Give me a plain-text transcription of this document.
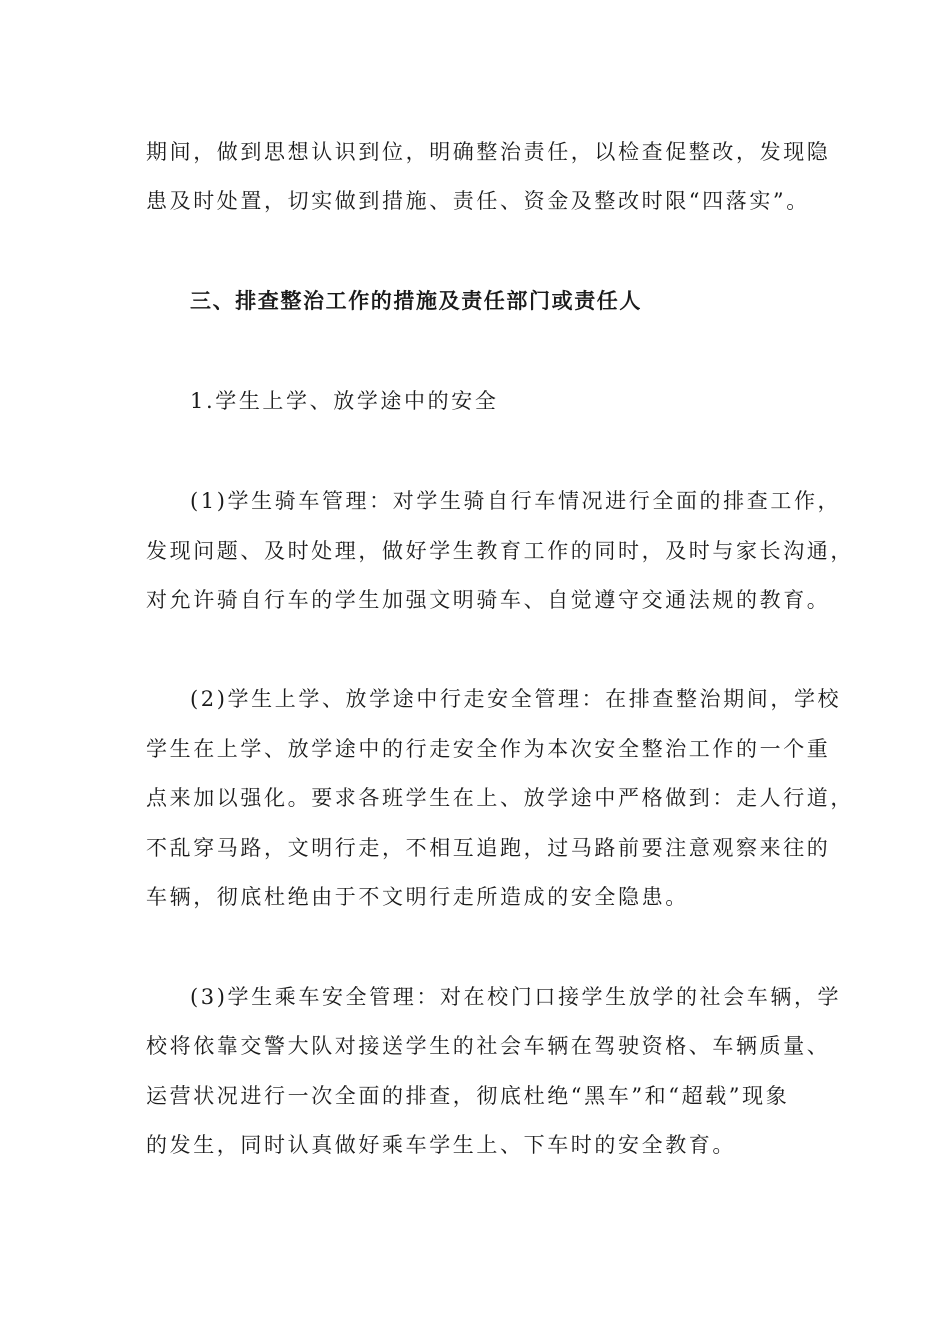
期间，做到思想认识到位，明确整治责任，以检查促整改，发现隐
患及时处置，切实做到措施、责任、资金及整改时限“四落实”。
三、排查整治工作的措施及责任部门或责任人
1.学生上学、放学途中的安全
(1)学生骑车管理：对学生骑自行车情况进行全面的排查工作，
发现问题、及时处理，做好学生教育工作的同时，及时与家长沟通，
对允许骑自行车的学生加强文明骑车、自觉遵守交通法规的教育。
(2)学生上学、放学途中行走安全管理：在排查整治期间，学校
学生在上学、放学途中的行走安全作为本次安全整治工作的一个重
点来加以强化。要求各班学生在上、放学途中严格做到：走人行道，
不乱穿马路，文明行走，不相互追跑，过马路前要注意观察来往的
车辆，彻底杜绝由于不文明行走所造成的安全隐患。
(3)学生乘车安全管理：对在校门口接学生放学的社会车辆，学
校将依靠交警大队对接送学生的社会车辆在驾驶资格、车辆质量、
运营状况进行一次全面的排查，彻底杜绝“黑车”和“超载”现象
的发生，同时认真做好乘车学生上、下车时的安全教育。
